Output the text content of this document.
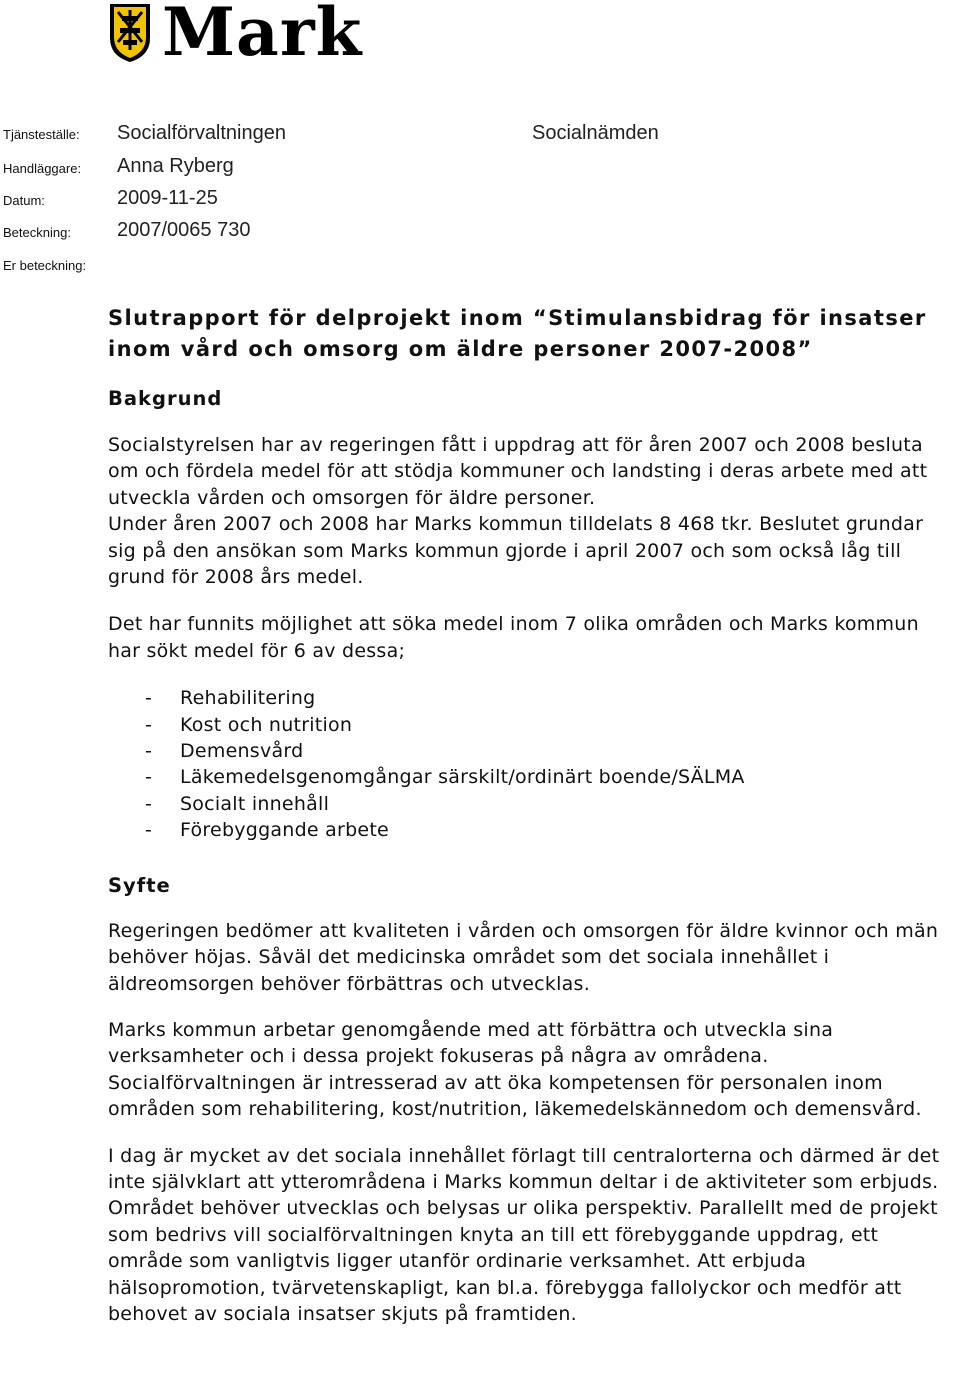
Mark
Tjänsteställe: Socialförvaltningen	Socialnämden
Handläggare: Anna Ryberg
Datum:	2009-11-25
Beteckning: 2007/0065 730
Er beteckning:
Slutrapport för delprojekt inom “Stimulansbidrag för insatser
inom vård och omsorg om äldre personer 2007-2008”
Bakgrund

Socialstyrelsen har av regeringen fått i uppdrag att för åren 2007 och 2008 besluta om och fördela medel för att stödja kommuner och landsting i deras arbete med att utveckla vården och omsorgen för äldre personer.

Under åren 2007 och 2008 har Marks kommun tilldelats 8 468 tkr. Beslutet grundar sig på den ansökan som Marks kommun gjorde i april 2007 och som också låg till grund för 2008 års medel.

Det har funnits möjlighet att söka medel inom 7 olika områden och Marks kommun har sökt medel för 6 av dessa;

-	Rehabilitering
-	Kost och nutrition
-	Demensvård
-	Läkemedelsgenomgångar särskilt/ordinärt boende/SÄLMA
-	Socialt innehåll
-	Förebyggande arbete
Syfte

Regeringen bedömer att kvaliteten i vården och omsorgen för äldre kvinnor och män behöver höjas. Såväl det medicinska området som det sociala innehållet i äldreomsorgen behöver förbättras och utvecklas.

Marks kommun arbetar genomgående med att förbättra och utveckla sina verksamheter och i dessa projekt fokuseras på några av områdena. Socialförvaltningen är intresserad av att öka kompetensen för personalen inom områden som rehabilitering, kost/nutrition, läkemedelskännedom och demensvård.

I dag är mycket av det sociala innehållet förlagt till centralorterna och därmed är det inte självklart att ytterområdena i Marks kommun deltar i de aktiviteter som erbjuds. Området behöver utvecklas och belysas ur olika perspektiv. Parallellt med de projekt som bedrivs vill socialförvaltningen knyta an till ett förebyggande uppdrag, ett område som vanligtvis ligger utanför ordinarie verksamhet. Att erbjuda hälsopromotion, tvärvetenskapligt, kan bl.a. förebygga fallolyckor och medför att behovet av sociala insatser skjuts på framtiden.
